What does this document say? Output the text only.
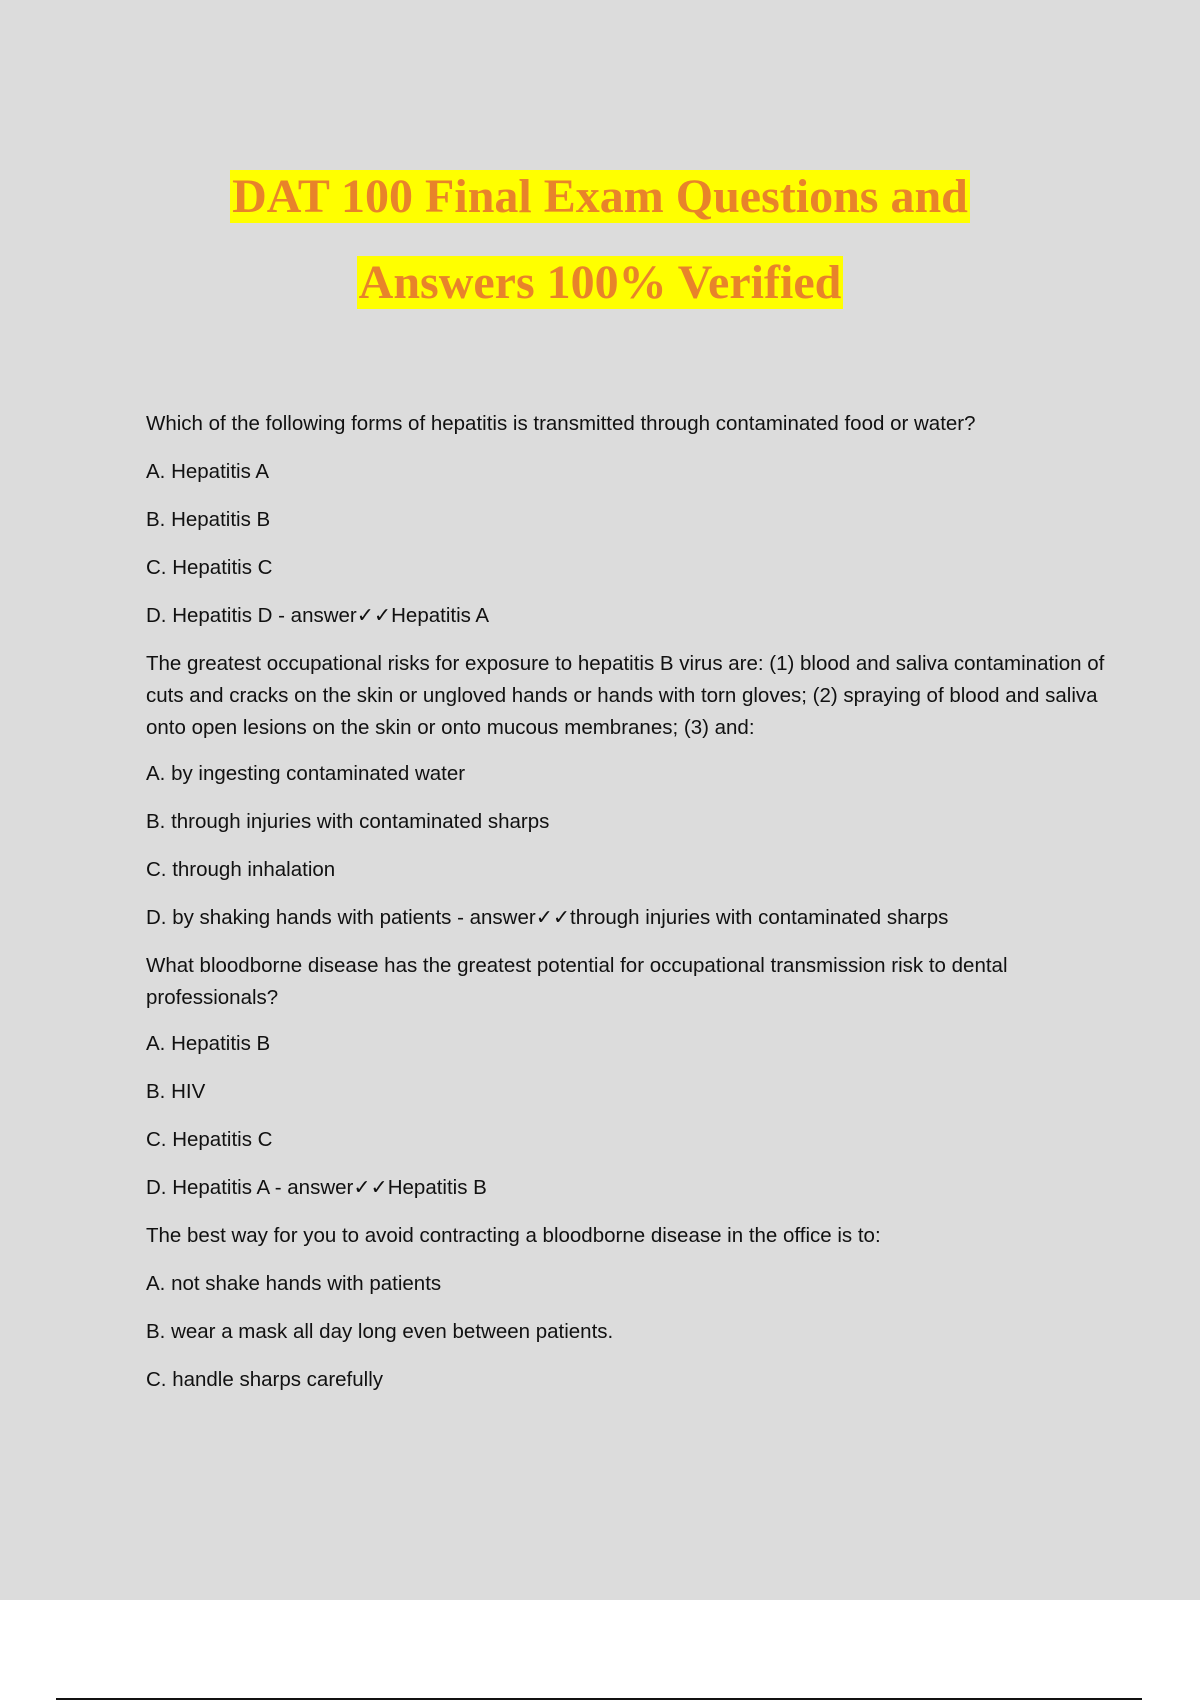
DAT 100 Final Exam Questions and
Answers 100% Verified

Which of the following forms of hepatitis is transmitted through contaminated food or water?

A. Hepatitis A

B. Hepatitis B

C. Hepatitis C

D. Hepatitis D - answer✓✓Hepatitis A

The greatest occupational risks for exposure to hepatitis B virus are: (1) blood and saliva contamination of cuts and cracks on the skin or ungloved hands or hands with torn gloves; (2) spraying of blood and saliva onto open lesions on the skin or onto mucous membranes; (3) and:

A. by ingesting contaminated water

B. through injuries with contaminated sharps

C. through inhalation

D. by shaking hands with patients - answer✓✓through injuries with contaminated sharps

What bloodborne disease has the greatest potential for occupational transmission risk to dental professionals?

A. Hepatitis B

B. HIV

C. Hepatitis C

D. Hepatitis A - answer✓✓Hepatitis B

The best way for you to avoid contracting a bloodborne disease in the office is to:

A. not shake hands with patients

B. wear a mask all day long even between patients.

C. handle sharps carefully
